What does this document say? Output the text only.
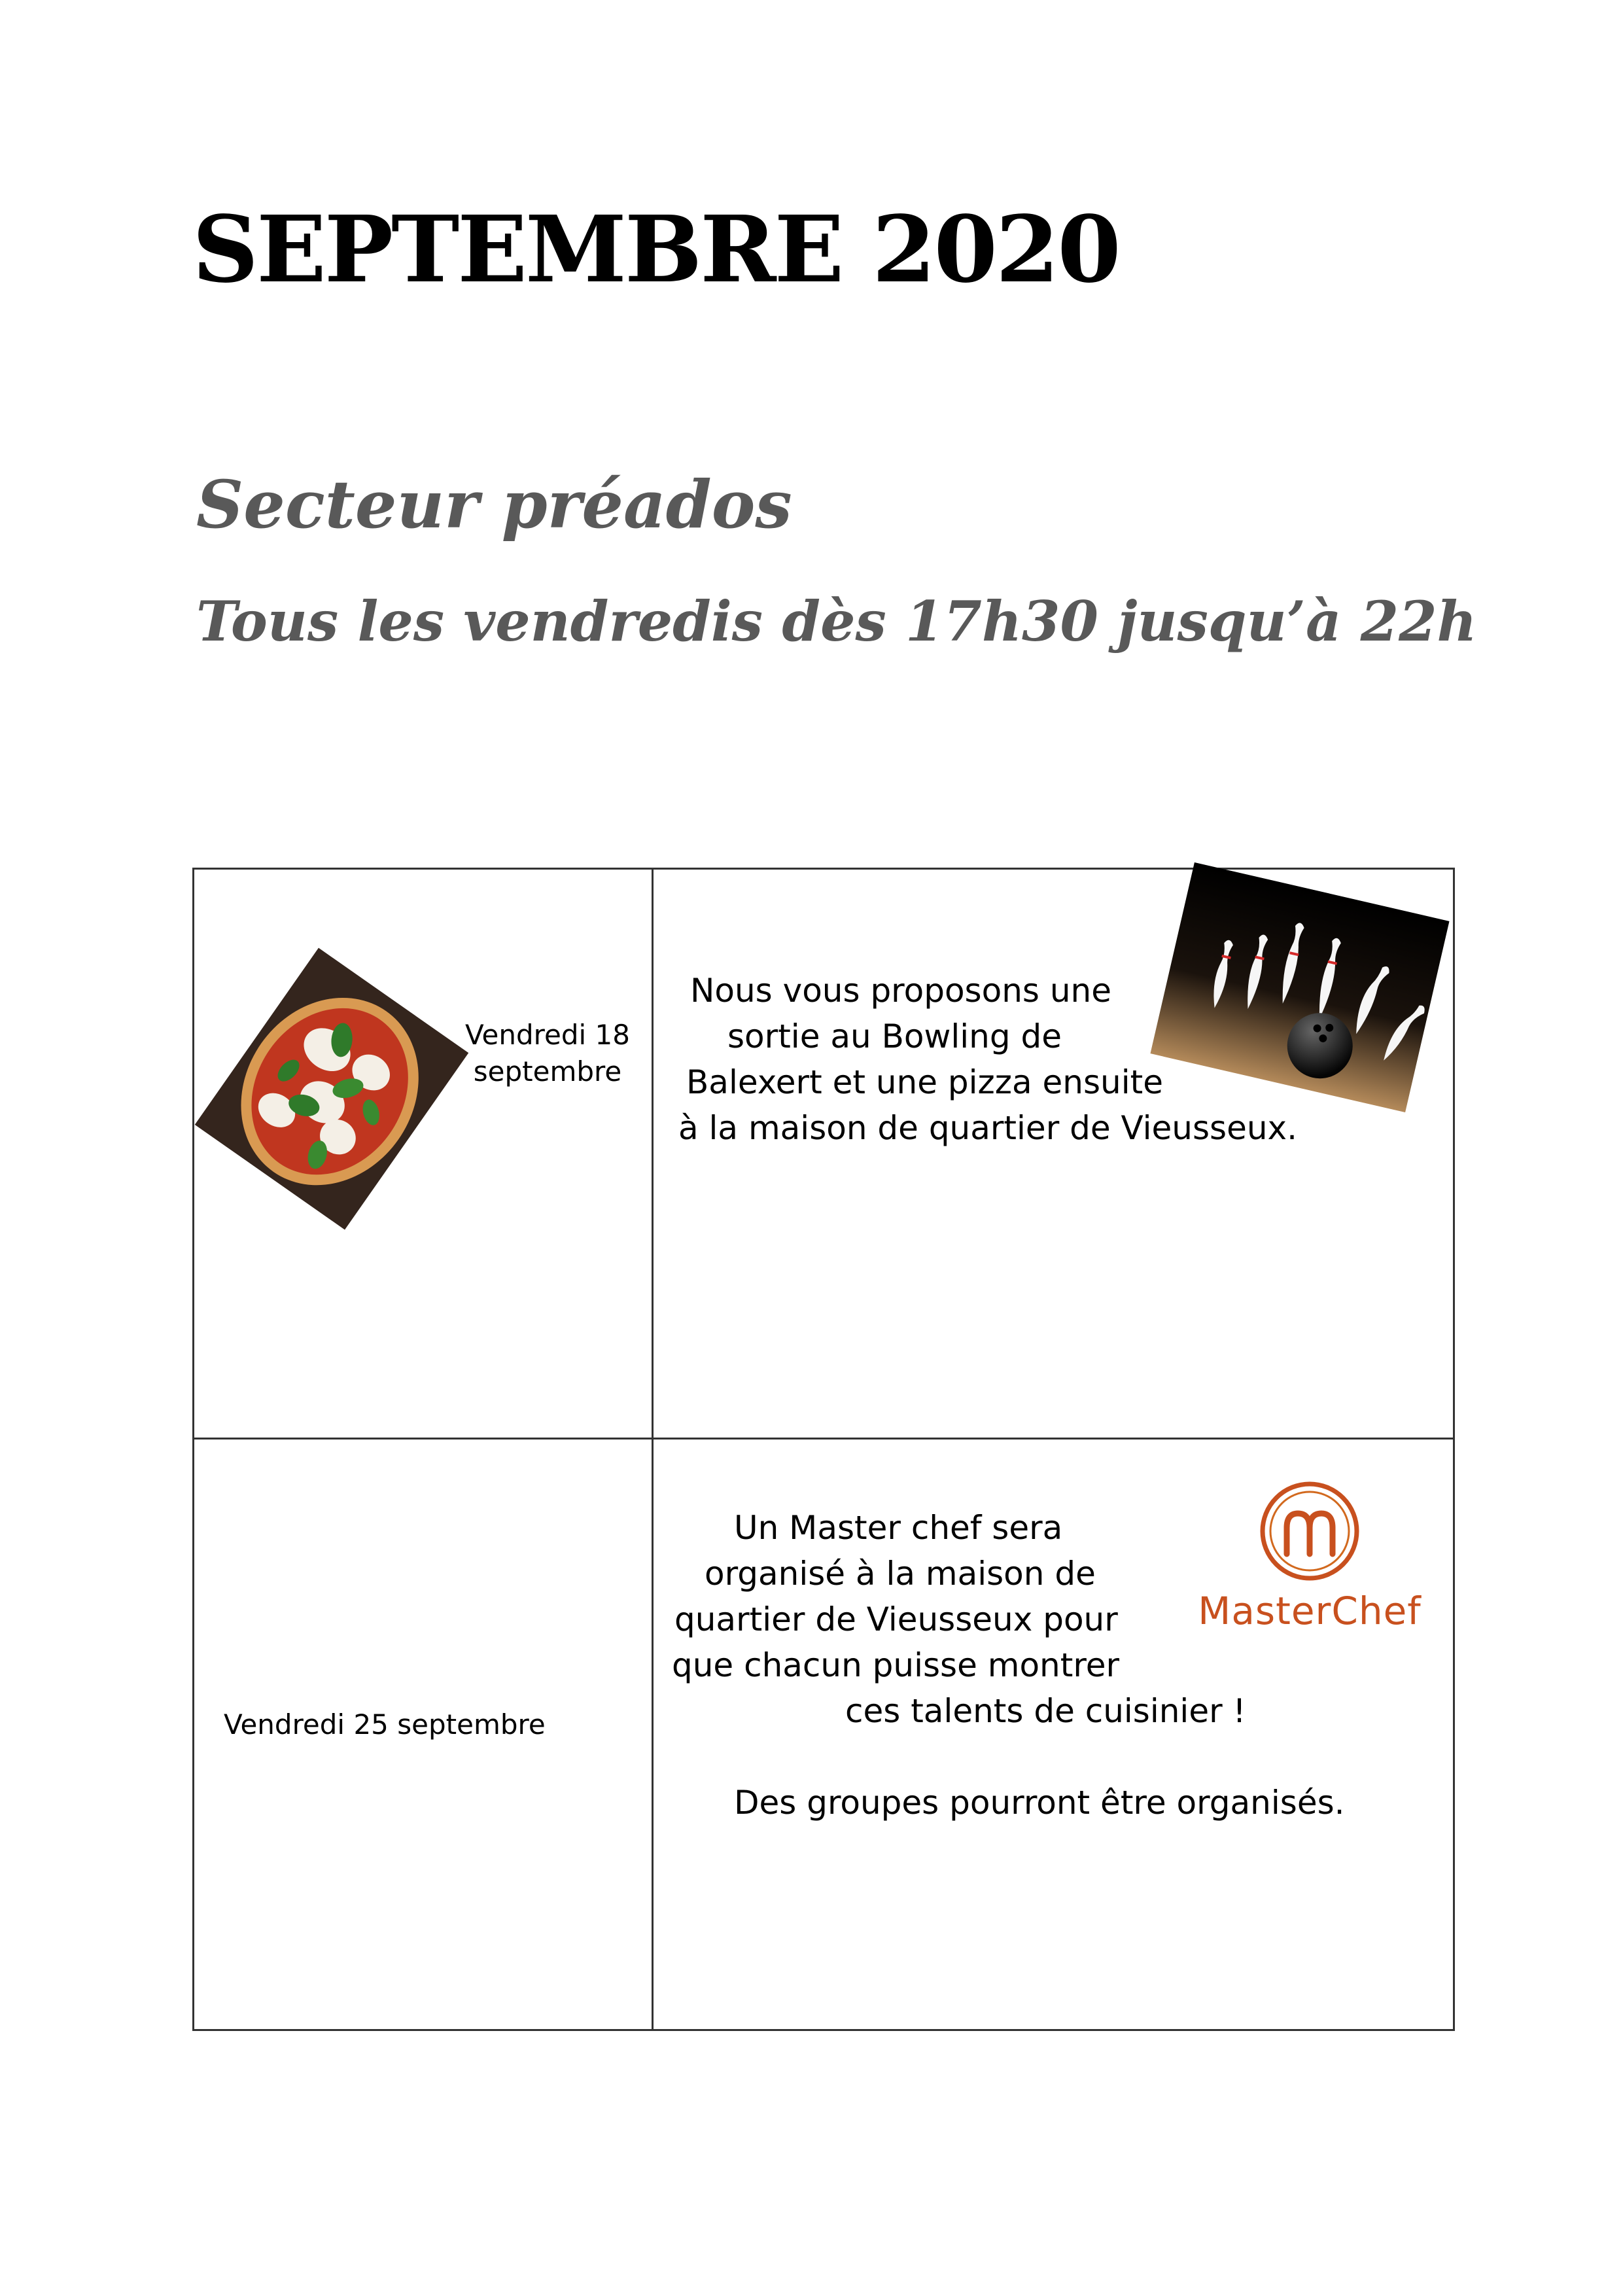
SEPTEMBRE 2020
Secteur préados
Tous les vendredis dès 17h30 jusqu’à 22h
Vendredi 18
septembre
Nous vous proposons une
sortie au Bowling de
Balexert et une pizza ensuite
à la maison de quartier de Vieusseux.
Vendredi 25 septembre
Un Master chef sera
organisé à la maison de
quartier de Vieusseux pour
que chacun puisse montrer
ces talents de cuisinier !
Des groupes pourront être organisés.
MasterChef
